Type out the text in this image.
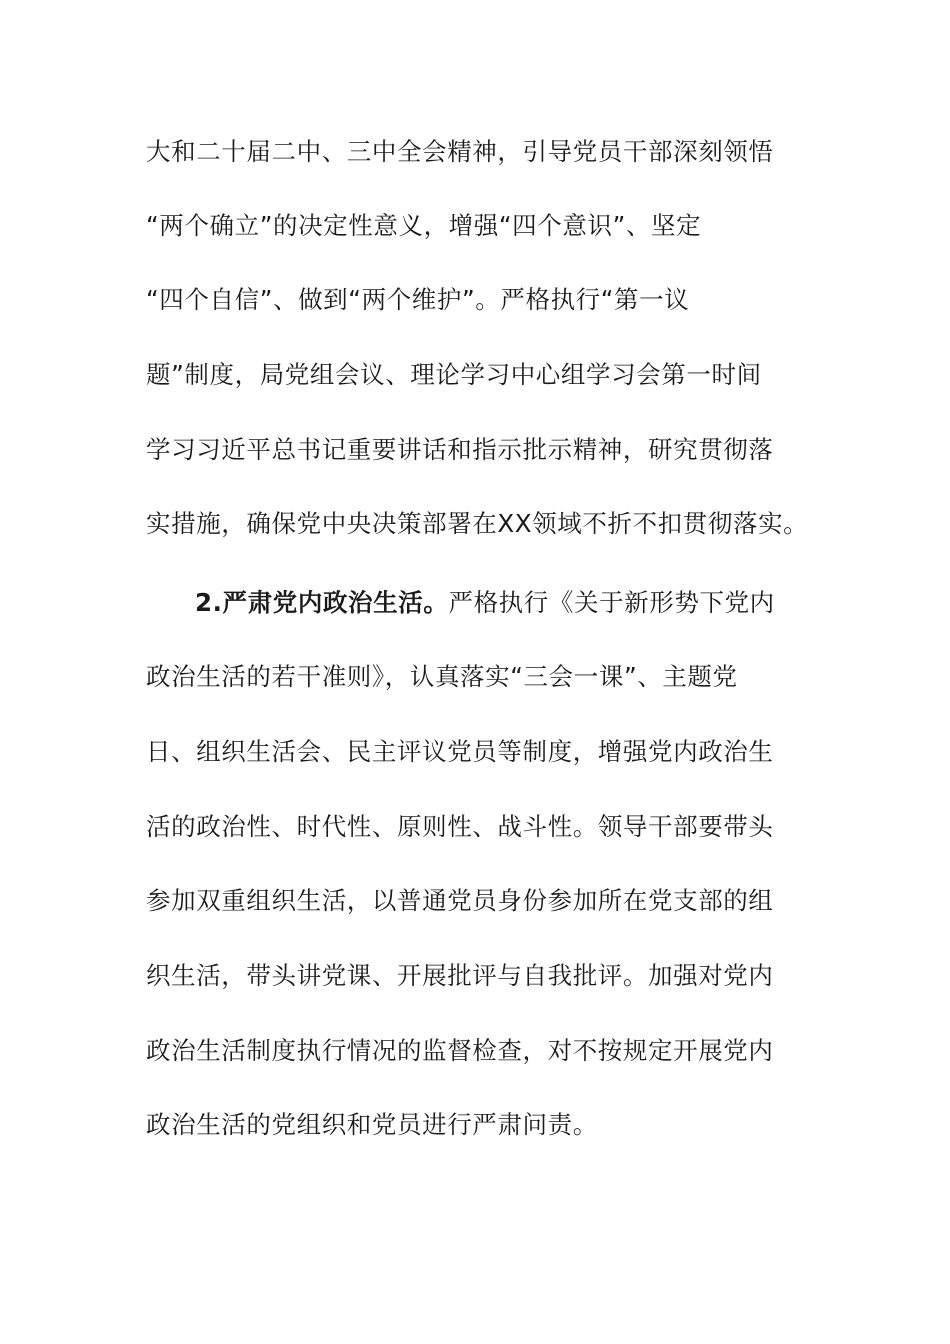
大和二十届二中、三中全会精神，引导党员干部深刻领悟
“两个确立”的决定性意义，增强“四个意识”、坚定
“四个自信”、做到“两个维护”。严格执行“第一议
题”制度，局党组会议、理论学习中心组学习会第一时间
学习习近平总书记重要讲话和指示批示精神，研究贯彻落
实措施，确保党中央决策部署在XX领域不折不扣贯彻落实。
2.严肃党内政治生活。严格执行《关于新形势下党内
政治生活的若干准则》，认真落实“三会一课”、主题党
日、组织生活会、民主评议党员等制度，增强党内政治生
活的政治性、时代性、原则性、战斗性。领导干部要带头
参加双重组织生活，以普通党员身份参加所在党支部的组
织生活，带头讲党课、开展批评与自我批评。加强对党内
政治生活制度执行情况的监督检查，对不按规定开展党内
政治生活的党组织和党员进行严肃问责。
